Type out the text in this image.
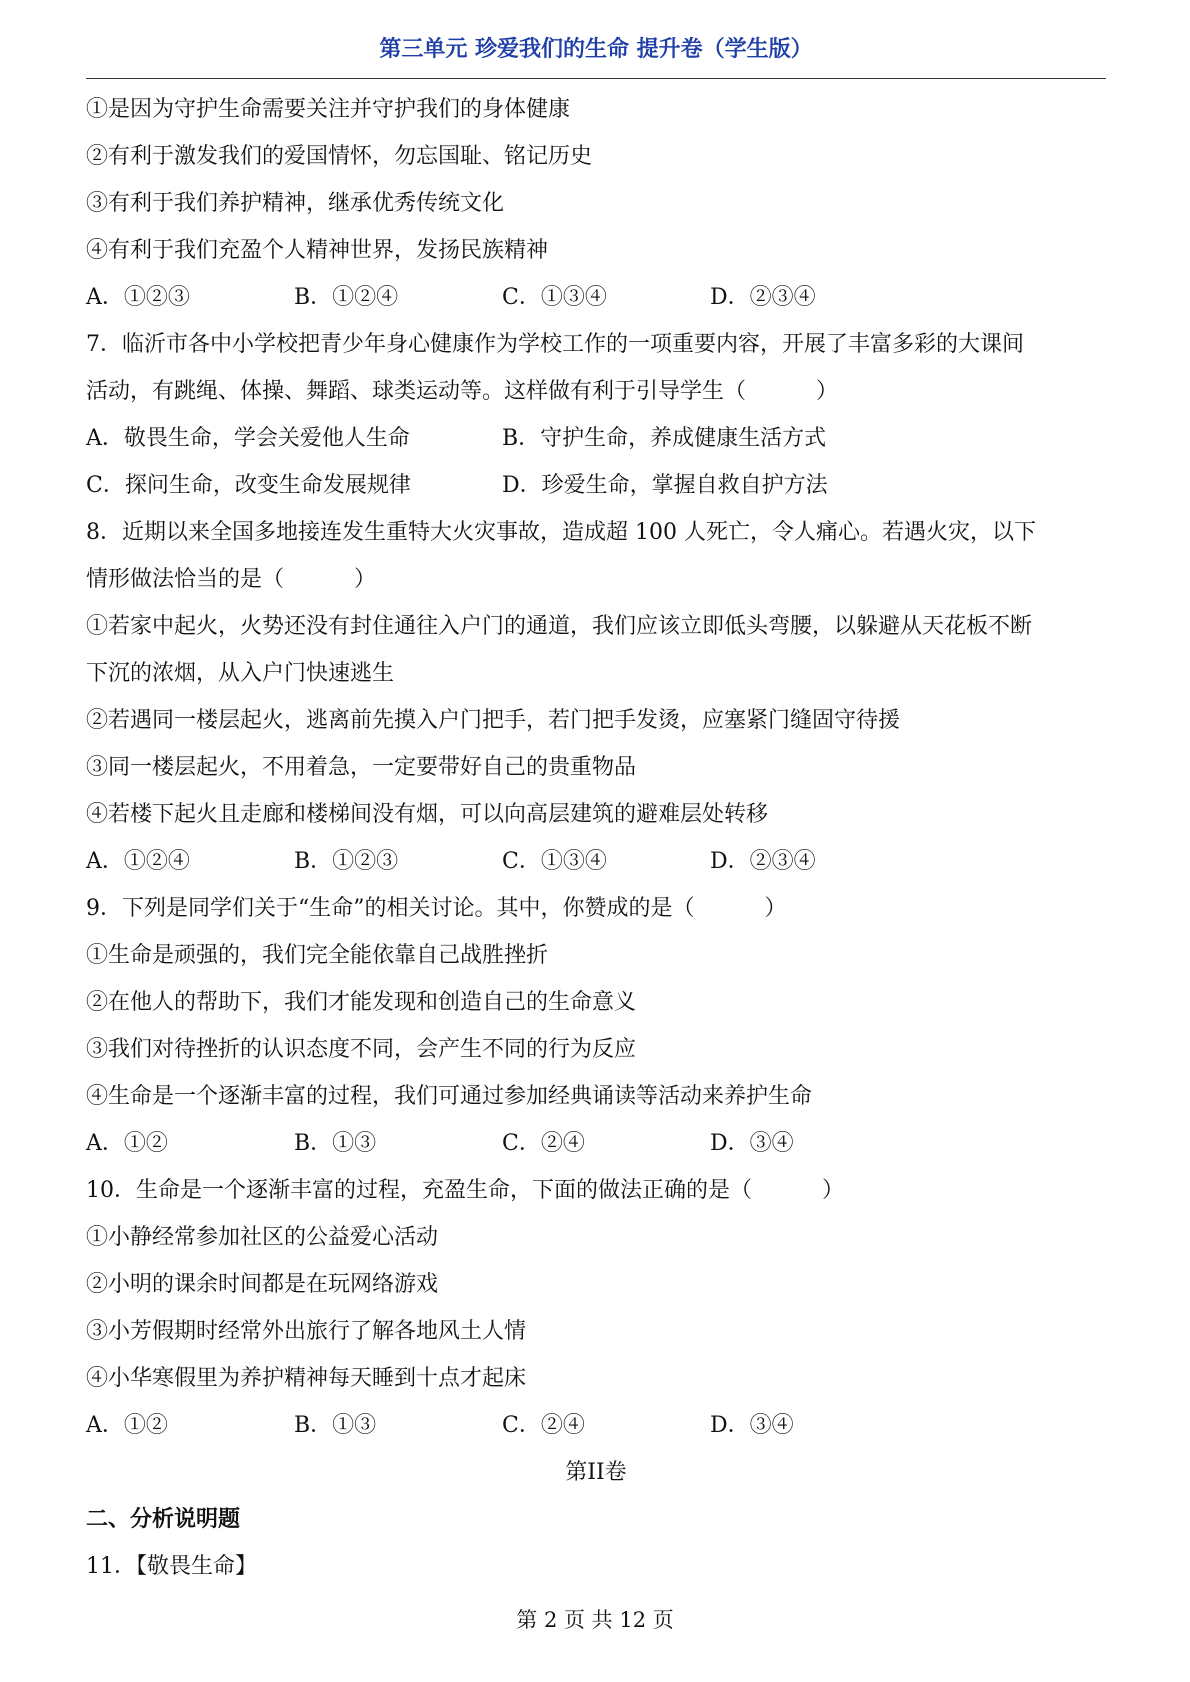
第三单元 珍爱我们的生命 提升卷（学生版）
①是因为守护生命需要关注并守护我们的身体健康
②有利于激发我们的爱国情怀，勿忘国耻、铭记历史
③有利于我们养护精神，继承优秀传统文化
④有利于我们充盈个人精神世界，发扬民族精神
A．①②③	B．①②④	C．①③④	D．②③④
7．临沂市各中小学校把青少年身心健康作为学校工作的一项重要内容，开展了丰富多彩的大课间
活动，有跳绳、体操、舞蹈、球类运动等。这样做有利于引导学生（	）
A．敬畏生命，学会关爱他人生命	B．守护生命，养成健康生活方式
C．探问生命，改变生命发展规律	D．珍爱生命，掌握自救自护方法
8．近期以来全国多地接连发生重特大火灾事故，造成超 100 人死亡，令人痛心。若遇火灾，以下
情形做法恰当的是（	）
①若家中起火，火势还没有封住通往入户门的通道，我们应该立即低头弯腰，以躲避从天花板不断
下沉的浓烟，从入户门快速逃生
②若遇同一楼层起火，逃离前先摸入户门把手，若门把手发烫，应塞紧门缝固守待援
③同一楼层起火，不用着急，一定要带好自己的贵重物品
④若楼下起火且走廊和楼梯间没有烟，可以向高层建筑的避难层处转移
A．①②④	B．①②③	C．①③④	D．②③④
9．下列是同学们关于“生命”的相关讨论。其中，你赞成的是（	）
①生命是顽强的，我们完全能依靠自己战胜挫折
②在他人的帮助下，我们才能发现和创造自己的生命意义
③我们对待挫折的认识态度不同，会产生不同的行为反应
④生命是一个逐渐丰富的过程，我们可通过参加经典诵读等活动来养护生命
A．①②	B．①③	C．②④	D．③④
10．生命是一个逐渐丰富的过程，充盈生命，下面的做法正确的是（	）
①小静经常参加社区的公益爱心活动
②小明的课余时间都是在玩网络游戏
③小芳假期时经常外出旅行了解各地风土人情
④小华寒假里为养护精神每天睡到十点才起床
A．①②	B．①③	C．②④	D．③④
第II卷
二、分析说明题
11．【敬畏生命】
第 2 页 共 12 页
